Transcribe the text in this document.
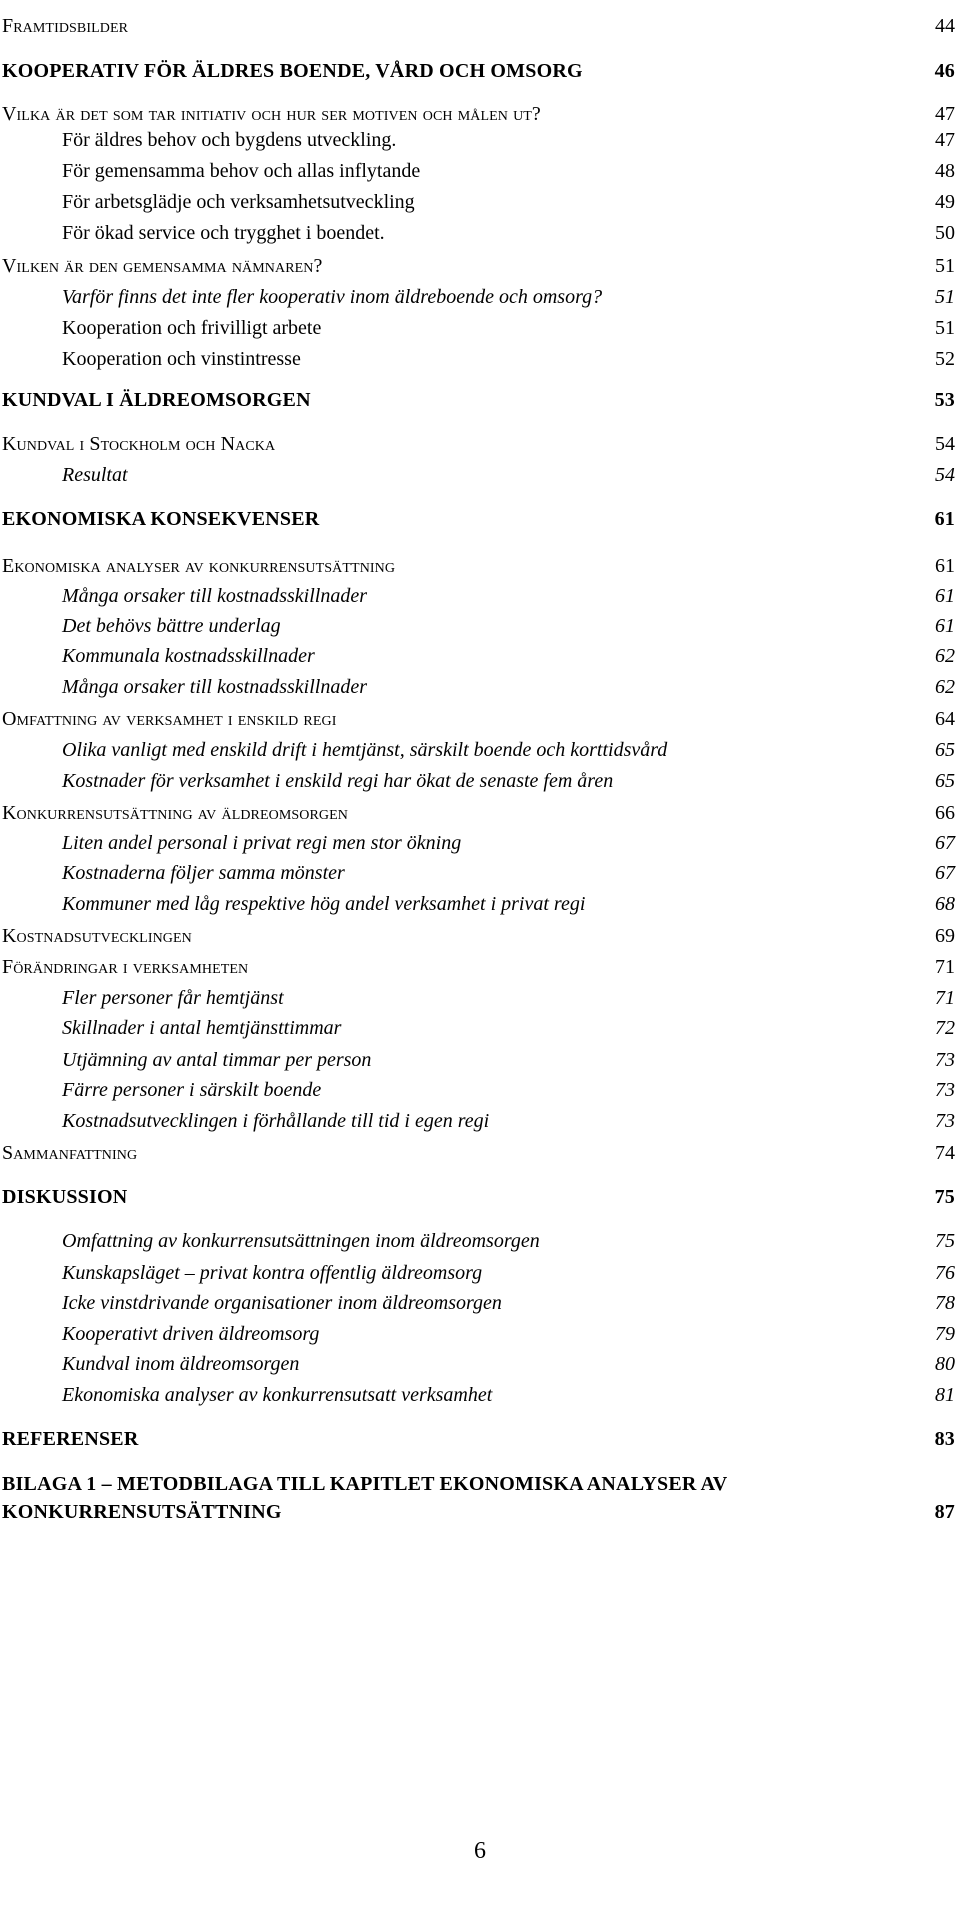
Framtidsbilder	44
KOOPERATIV FÖR ÄLDRES BOENDE, VÅRD OCH OMSORG	46
Vilka är det som tar initiativ och hur ser motiven och målen ut?	47
För äldres behov och bygdens utveckling.	47
För gemensamma behov och allas inflytande	48
För arbetsglädje och verksamhetsutveckling	49
För ökad service och trygghet i boendet.	50
Vilken är den gemensamma nämnaren?	51
Varför finns det inte fler kooperativ inom äldreboende och omsorg?	51
Kooperation och frivilligt arbete	51
Kooperation och vinstintresse	52
KUNDVAL I ÄLDREOMSORGEN	53
Kundval i Stockholm och Nacka	54
Resultat	54
EKONOMISKA KONSEKVENSER	61
Ekonomiska analyser av konkurrensutsättning	61
Många orsaker till kostnadsskillnader	61
Det behövs bättre underlag	61
Kommunala kostnadsskillnader	62
Många orsaker till kostnadsskillnader	62
Omfattning av verksamhet i enskild regi	64
Olika vanligt med enskild drift i hemtjänst, särskilt boende och korttidsvård	65
Kostnader för verksamhet i enskild regi har ökat de senaste fem åren	65
Konkurrensutsättning av äldreomsorgen	66
Liten andel personal i privat regi men stor ökning	67
Kostnaderna följer samma mönster	67
Kommuner med låg respektive hög andel verksamhet i privat regi	68
Kostnadsutvecklingen	69
Förändringar i verksamheten	71
Fler personer får hemtjänst	71
Skillnader i antal hemtjänsttimmar	72
Utjämning av antal timmar per person	73
Färre personer i särskilt boende	73
Kostnadsutvecklingen i förhållande till tid i egen regi	73
Sammanfattning	74
DISKUSSION	75
Omfattning av konkurrensutsättningen inom äldreomsorgen	75
Kunskapsläget – privat kontra offentlig äldreomsorg	76
Icke vinstdrivande organisationer inom äldreomsorgen	78
Kooperativt driven äldreomsorg	79
Kundval inom äldreomsorgen	80
Ekonomiska analyser av konkurrensutsatt verksamhet	81
REFERENSER	83
BILAGA 1 – METODBILAGA TILL KAPITLET EKONOMISKA ANALYSER AV
KONKURRENSUTSÄTTNING	87
6
